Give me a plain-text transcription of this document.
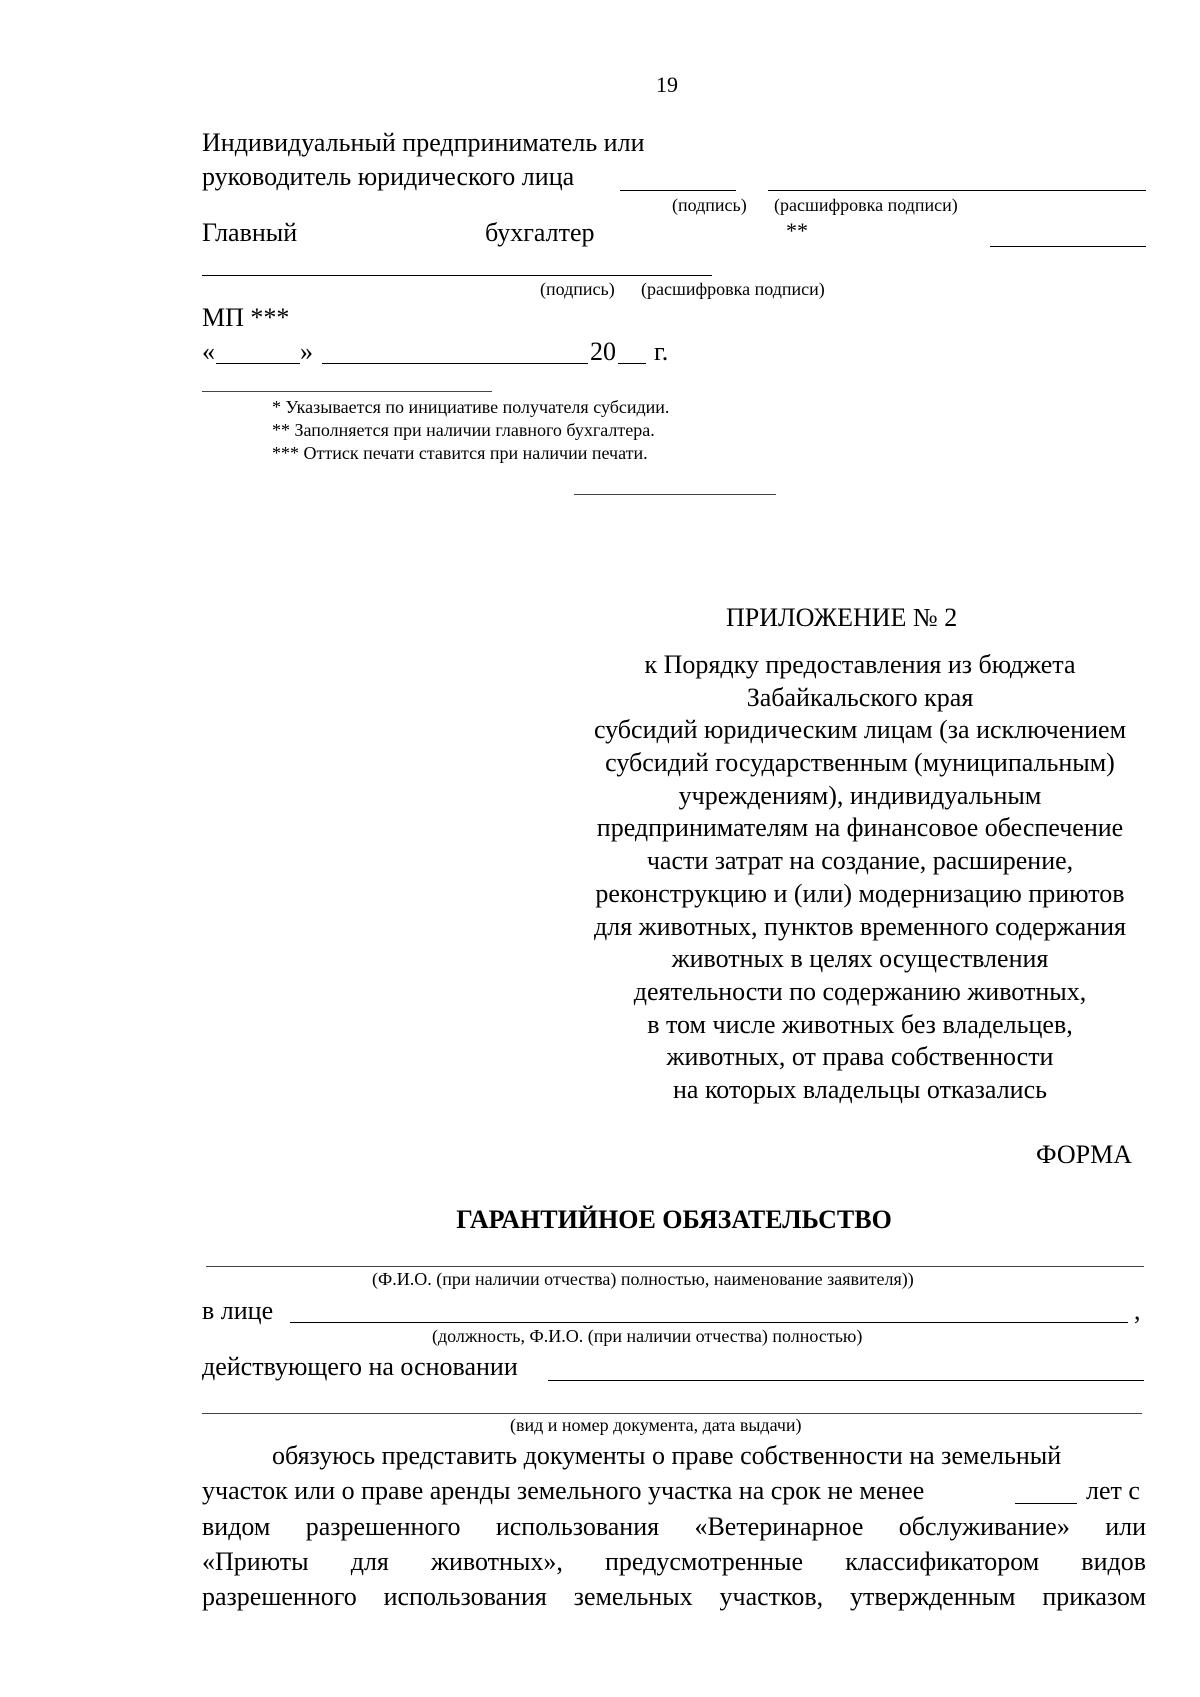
19
Индивидуальный предприниматель или
руководитель юридического лица
(подпись) (расшифровка подписи)
Главный	бухгалтер	**
(подпись) (расшифровка подписи)
МП ***
«	»	20 г.
* Указывается по инициативе получателя субсидии.
** Заполняется при наличии главного бухгалтера.
*** Оттиск печати ставится при наличии печати.
ПРИЛОЖЕНИЕ № 2
к Порядку предоставления из бюджета
Забайкальского края
субсидий юридическим лицам (за исключением
субсидий государственным (муниципальным)
учреждениям), индивидуальным
предпринимателям на финансовое обеспечение
части затрат на создание, расширение,
реконструкцию и (или) модернизацию приютов
для животных, пунктов временного содержания
животных в целях осуществления
деятельности по содержанию животных,
в том числе животных без владельцев,
животных, от права собственности
на которых владельцы отказались
ФОРМА
ГАРАНТИЙНОЕ ОБЯЗАТЕЛЬСТВО
(Ф.И.О. (при наличии отчества) полностью, наименование заявителя))
в лице	,
(должность, Ф.И.О. (при наличии отчества) полностью)
действующего на основании
(вид и номер документа, дата выдачи)
обязуюсь представить документы о праве собственности на земельный
участок или о праве аренды земельного участка на срок не менее	лет с
видом разрешенного использования «Ветеринарное обслуживание» или
«Приюты для животных», предусмотренные классификатором видов
разрешенного использования земельных участков, утвержденным приказом
